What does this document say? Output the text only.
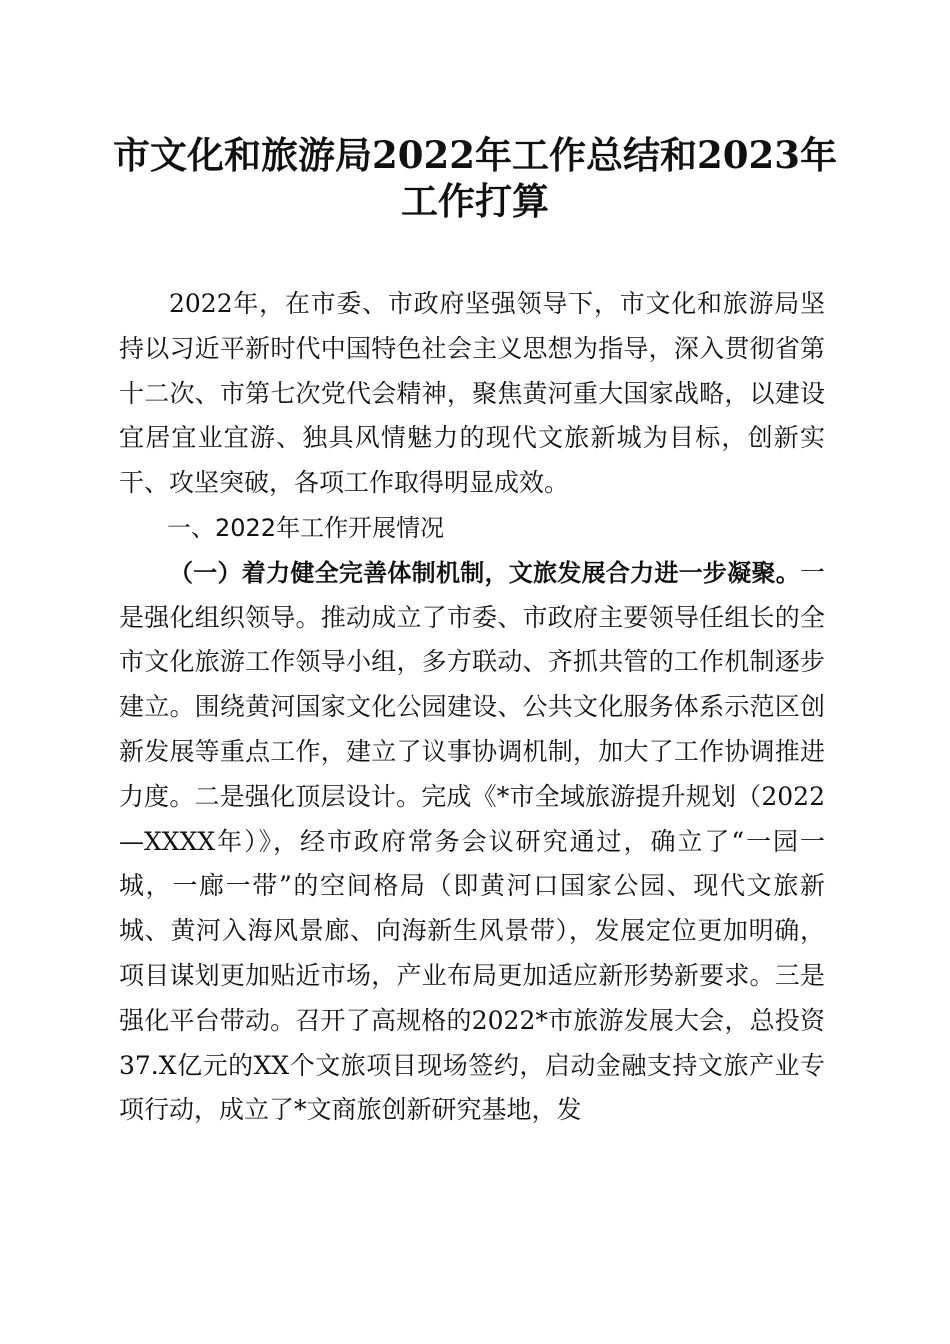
市文化和旅游局2022年工作总结和2023年工作打算

2022年，在市委、市政府坚强领导下，市文化和旅游局坚持以习近平新时代中国特色社会主义思想为指导，深入贯彻省第十二次、市第七次党代会精神，聚焦黄河重大国家战略，以建设宜居宜业宜游、独具风情魅力的现代文旅新城为目标，创新实干、攻坚突破，各项工作取得明显成效。

一、2022年工作开展情况

（一）着力健全完善体制机制，文旅发展合力进一步凝聚。一是强化组织领导。推动成立了市委、市政府主要领导任组长的全市文化旅游工作领导小组，多方联动、齐抓共管的工作机制逐步建立。围绕黄河国家文化公园建设、公共文化服务体系示范区创新发展等重点工作，建立了议事协调机制，加大了工作协调推进力度。二是强化顶层设计。完成《*市全域旅游提升规划（2022—XXXX年）》，经市政府常务会议研究通过，确立了“一园一城，一廊一带”的空间格局（即黄河口国家公园、现代文旅新城、黄河入海风景廊、向海新生风景带），发展定位更加明确，项目谋划更加贴近市场，产业布局更加适应新形势新要求。三是强化平台带动。召开了高规格的2022*市旅游发展大会，总投资37.X亿元的XX个文旅项目现场签约，启动金融支持文旅产业专项行动，成立了*文商旅创新研究基地，发
